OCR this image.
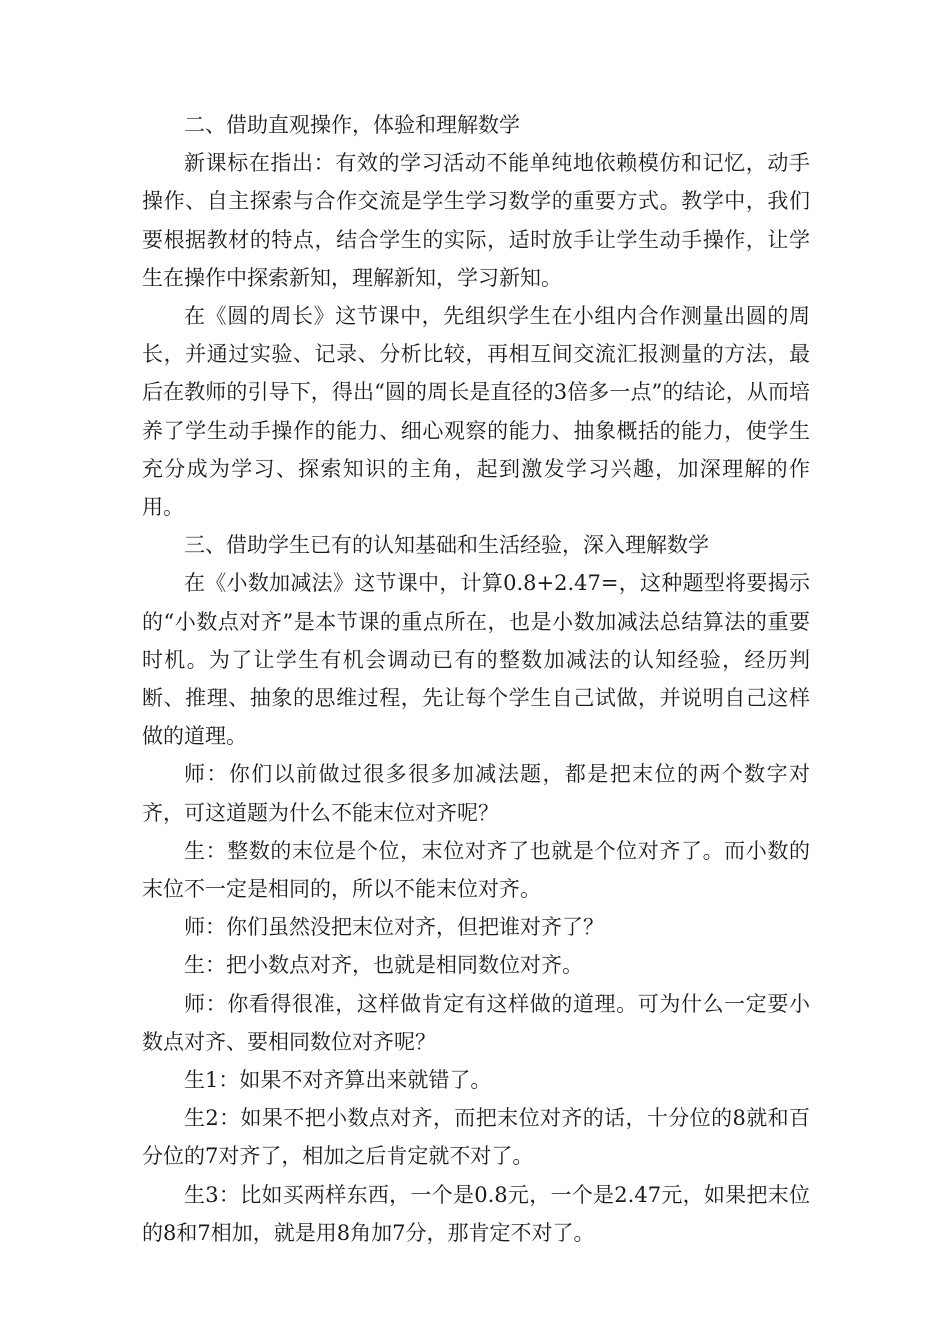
二、借助直观操作，体验和理解数学

新课标在指出：有效的学习活动不能单纯地依赖模仿和记忆，动手操作、自主探索与合作交流是学生学习数学的重要方式。教学中，我们要根据教材的特点，结合学生的实际，适时放手让学生动手操作，让学生在操作中探索新知，理解新知，学习新知。

在《圆的周长》这节课中，先组织学生在小组内合作测量出圆的周长，并通过实验、记录、分析比较，再相互间交流汇报测量的方法，最后在教师的引导下，得出“圆的周长是直径的3倍多一点”的结论，从而培养了学生动手操作的能力、细心观察的能力、抽象概括的能力，使学生充分成为学习、探索知识的主角，起到激发学习兴趣，加深理解的作用。

三、借助学生已有的认知基础和生活经验，深入理解数学

在《小数加减法》这节课中，计算0.8+2.47=，这种题型将要揭示的“小数点对齐”是本节课的重点所在，也是小数加减法总结算法的重要时机。为了让学生有机会调动已有的整数加减法的认知经验，经历判断、推理、抽象的思维过程，先让每个学生自己试做，并说明自己这样做的道理。

师：你们以前做过很多很多加减法题，都是把末位的两个数字对齐，可这道题为什么不能末位对齐呢？

生：整数的末位是个位，末位对齐了也就是个位对齐了。而小数的末位不一定是相同的，所以不能末位对齐。

师：你们虽然没把末位对齐，但把谁对齐了？

生：把小数点对齐，也就是相同数位对齐。

师：你看得很准，这样做肯定有这样做的道理。可为什么一定要小数点对齐、要相同数位对齐呢？

生1：如果不对齐算出来就错了。

生2：如果不把小数点对齐，而把末位对齐的话，十分位的8就和百分位的7对齐了，相加之后肯定就不对了。

生3：比如买两样东西，一个是0.8元，一个是2.47元，如果把末位的8和7相加，就是用8角加7分，那肯定不对了。
